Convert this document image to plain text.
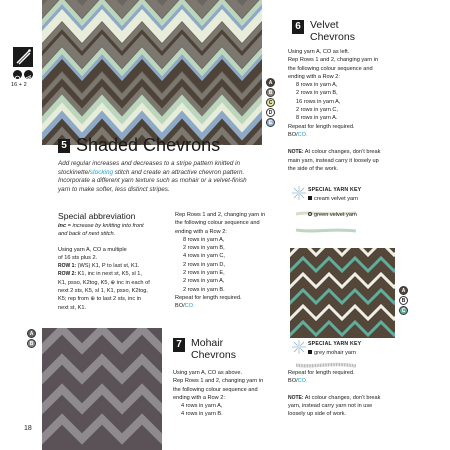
16 + 2	A
B
C
D
E
5 Shaded Chevrons
Add regular increases and decreases to a stripe pattern knitted in
stockinette/stocking stitch and create an attractive chevron pattern.
Incorporate a different yarn texture such as mohair or a velvet-finish
yarn to make softer, less distinct stripes.
Special abbreviation
inc = increase by knitting into front
and back of next stitch.
Using yarn A, CO a multiple
of 16 sts plus 2.
ROW 1: (WS) K1, P to last st, K1.
ROW 2: K1, inc in next st, K5, sl 1,
K1, psso, K2tog, K5, ⊕ inc in each of
next 2 sts, K5, sl 1, K1, psso, K2tog,
K5; rep from ⊕ to last 2 sts, inc in
next st, K1.
Rep Rows 1 and 2, changing yarn in
the following colour sequence and
ending with a Row 2:
8 rows in yarn A,
2 rows in yarn B,
4 rows in yarn C,
2 rows in yarn D,
2 rows in yarn E,
2 rows in yarn A,
2 rows in yarn B.
Repeat for length required.
BO/CO.
6 Velvet
Chevrons
Using yarn A, CO as left.
Rep Rows 1 and 2, changing yarn in
the following colour sequence and
ending with a Row 2:
8 rows in yarn A,
2 rows in yarn B,
16 rows in yarn A,
2 rows in yarn C,
8 rows in yarn A.
Repeat for length required.
BO/CO.
NOTE: At colour changes, don’t break
main yarn, instead carry it loosely up
the side of the work.
SPECIAL YARN KEY
cream velvet yarn
green velvet yarn
A
B
C
7 Mohair
Chevrons
Using yarn A, CO as above.
Rep Rows 1 and 2, changing yarn in
the following colour sequence and
ending with a Row 2:
4 rows in yarn A,
4 rows in yarn B.
SPECIAL YARN KEY
grey mohair yarn
Repeat for length required.
BO/CO.
NOTE: At colour changes, don’t break
yarn, instead carry yarn not in use
loosely up side of work.
A
B
18
